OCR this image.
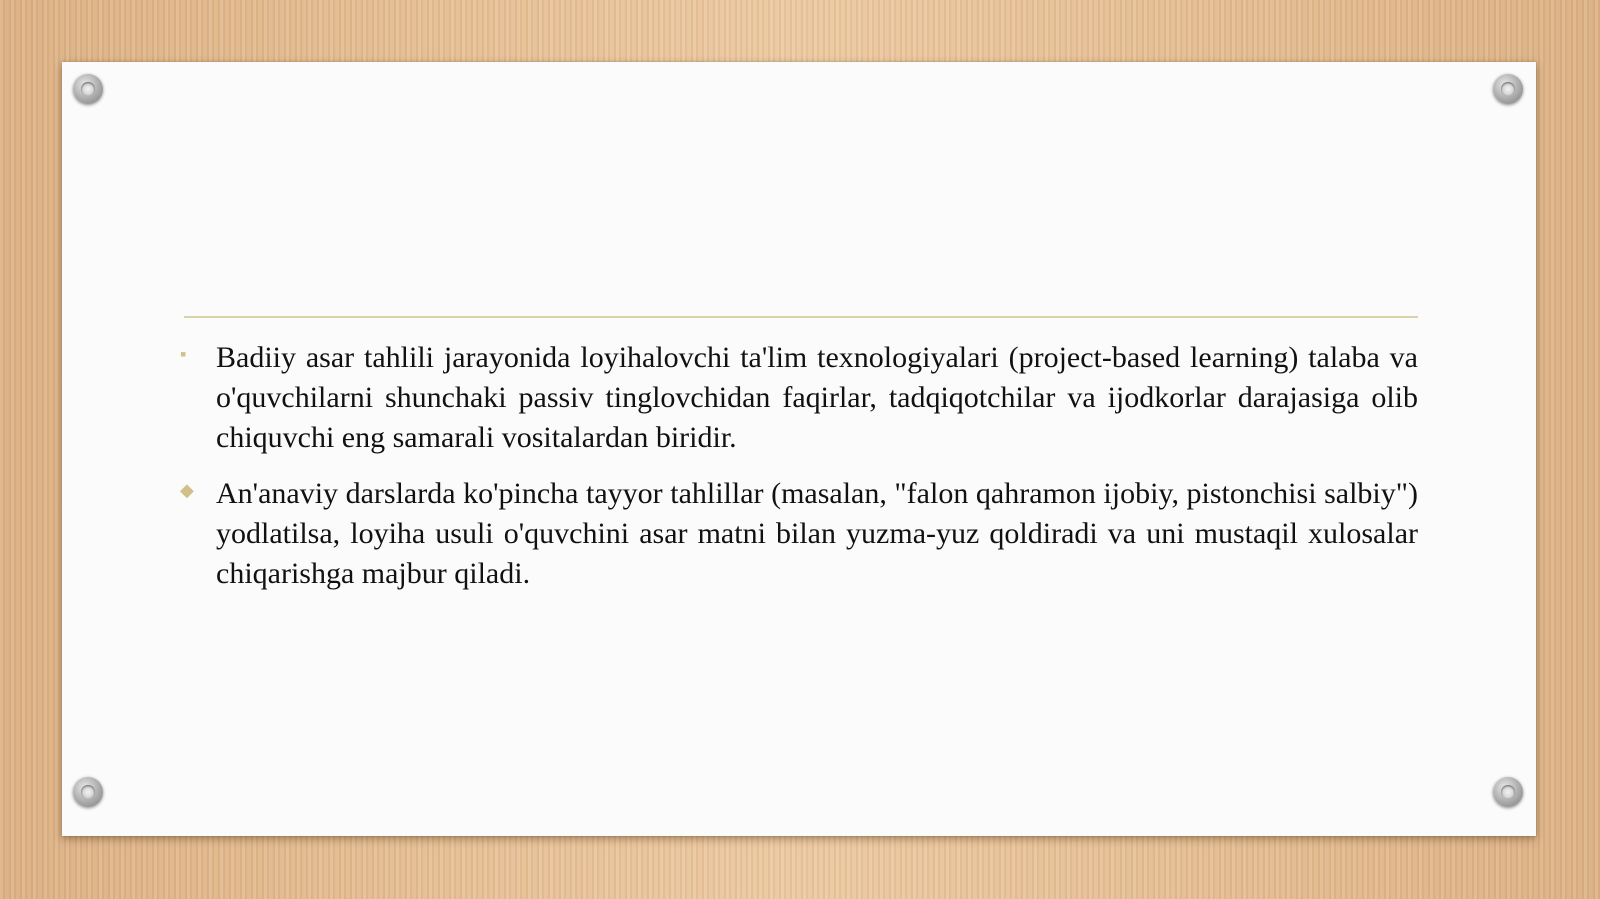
▪ Badiiy asar tahlili jarayonida loyihalovchi ta'lim texnologiyalari (project-based learning) talaba va o'quvchilarni shunchaki passiv tinglovchidan faqirlar, tadqiqotchilar va ijodkorlar darajasiga olib chiquvchi eng samarali vositalardan biridir.
◆ An'anaviy darslarda ko'pincha tayyor tahlillar (masalan, "falon qahramon ijobiy, pistonchisi salbiy") yodlatilsa, loyiha usuli o'quvchini asar matni bilan yuzma-yuz qoldiradi va uni mustaqil xulosalar chiqarishga majbur qiladi.
